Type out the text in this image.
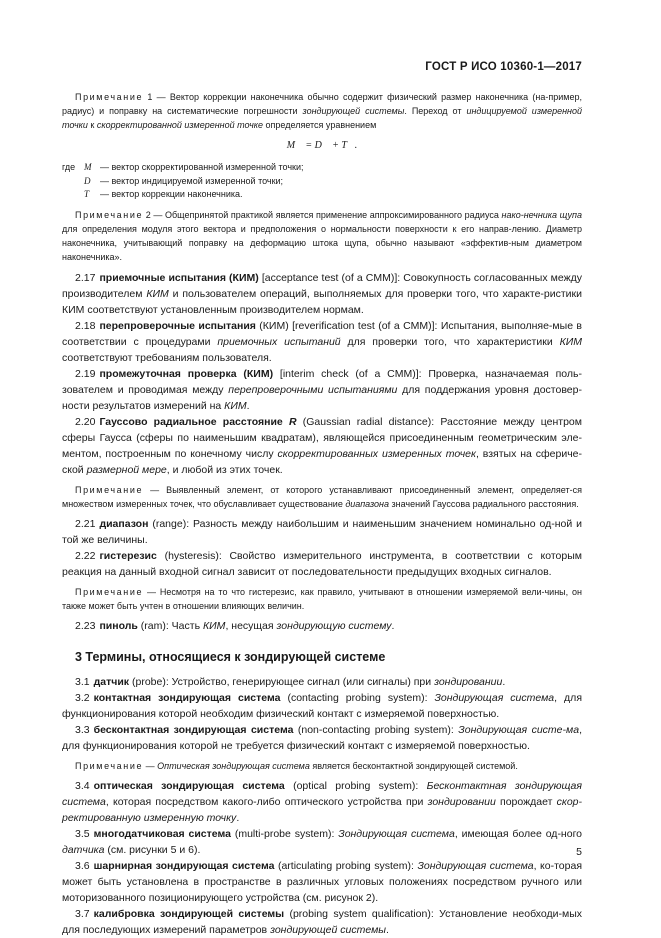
ГОСТ Р ИСО 10360-1—2017

Примечание 1 — Вектор коррекции наконечника обычно содержит физический размер наконечника (на-пример, радиус) и поправку на систематические погрешности зондирующей системы. Переход от индицируемой измеренной точки к скорректированной измеренной точке определяется уравнением

M⃗ = D⃗ + T⃗.
где M⃗ — вектор скорректированной измеренной точки;
D⃗ — вектор индицируемой измеренной точки;
T⃗ — вектор коррекции наконечника.

Примечание 2 — Общепринятой практикой является применение аппроксимированного радиуса нако-нечника щупа для определения модуля этого вектора и предположения о нормальности поверхности к его направ-лению. Диаметр наконечника, учитывающий поправку на деформацию штока щупа, обычно называют «эффектив-ным диаметром наконечника».

2.17 приемочные испытания (КИМ) [acceptance test (of a CMM)]: Совокупность согласованных между производителем КИМ и пользователем операций, выполняемых для проверки того, что характе-ристики КИМ соответствуют установленным производителем нормам.

2.18 перепроверочные испытания (КИМ) [reverification test (of a CMM)]: Испытания, выполняе-мые в соответствии с процедурами приемочных испытаний для проверки того, что характеристики КИМ соответствуют требованиям пользователя.

2.19 промежуточная проверка (КИМ) [interim check (of a CMM)]: Проверка, назначаемая поль-зователем и проводимая между перепроверочными испытаниями для поддержания уровня достовер-ности результатов измерений на КИМ.

2.20 Гауссово радиальное расстояние R (Gaussian radial distance): Расстояние между центром сферы Гаусса (сферы по наименьшим квадратам), являющейся присоединенным геометрическим эле-ментом, построенным по конечному числу скорректированных измеренных точек, взятых на сфериче-ской размерной мере, и любой из этих точек.

Примечание — Выявленный элемент, от которого устанавливают присоединенный элемент, определяет-ся множеством измеренных точек, что обуславливает существование диапазона значений Гауссова радиального расстояния.

2.21 диапазон (range): Разность между наибольшим и наименьшим значением номинально од-ной и той же величины.

2.22 гистерезис (hysteresis): Свойство измерительного инструмента, в соответствии с которым реакция на данный входной сигнал зависит от последовательности предыдущих входных сигналов.

Примечание — Несмотря на то что гистерезис, как правило, учитывают в отношении измеряемой вели-чины, он также может быть учтен в отношении влияющих величин.

2.23 пиноль (ram): Часть КИМ, несущая зондирующую систему.

3 Термины, относящиеся к зондирующей системе

3.1 датчик (probe): Устройство, генерирующее сигнал (или сигналы) при зондировании.

3.2 контактная зондирующая система (contacting probing system): Зондирующая система, для функционирования которой необходим физический контакт с измеряемой поверхностью.

3.3 бесконтактная зондирующая система (non-contacting probing system): Зондирующая систе-ма, для функционирования которой не требуется физический контакт с измеряемой поверхностью.

Примечание — Оптическая зондирующая система является бесконтактной зондирующей системой.

3.4 оптическая зондирующая система (optical probing system): Бесконтактная зондирующая система, которая посредством какого-либо оптического устройства при зондировании порождает скор-ректированную измеренную точку.

3.5 многодатчиковая система (multi-probe system): Зондирующая система, имеющая более од-ного датчика (см. рисунки 5 и 6).

3.6 шарнирная зондирующая система (articulating probing system): Зондирующая система, ко-торая может быть установлена в пространстве в различных угловых положениях посредством ручного или моторизованного позиционирующего устройства (см. рисунок 2).

3.7 калибровка зондирующей системы (probing system qualification): Установление необходи-мых для последующих измерений параметров зондирующей системы.

5
